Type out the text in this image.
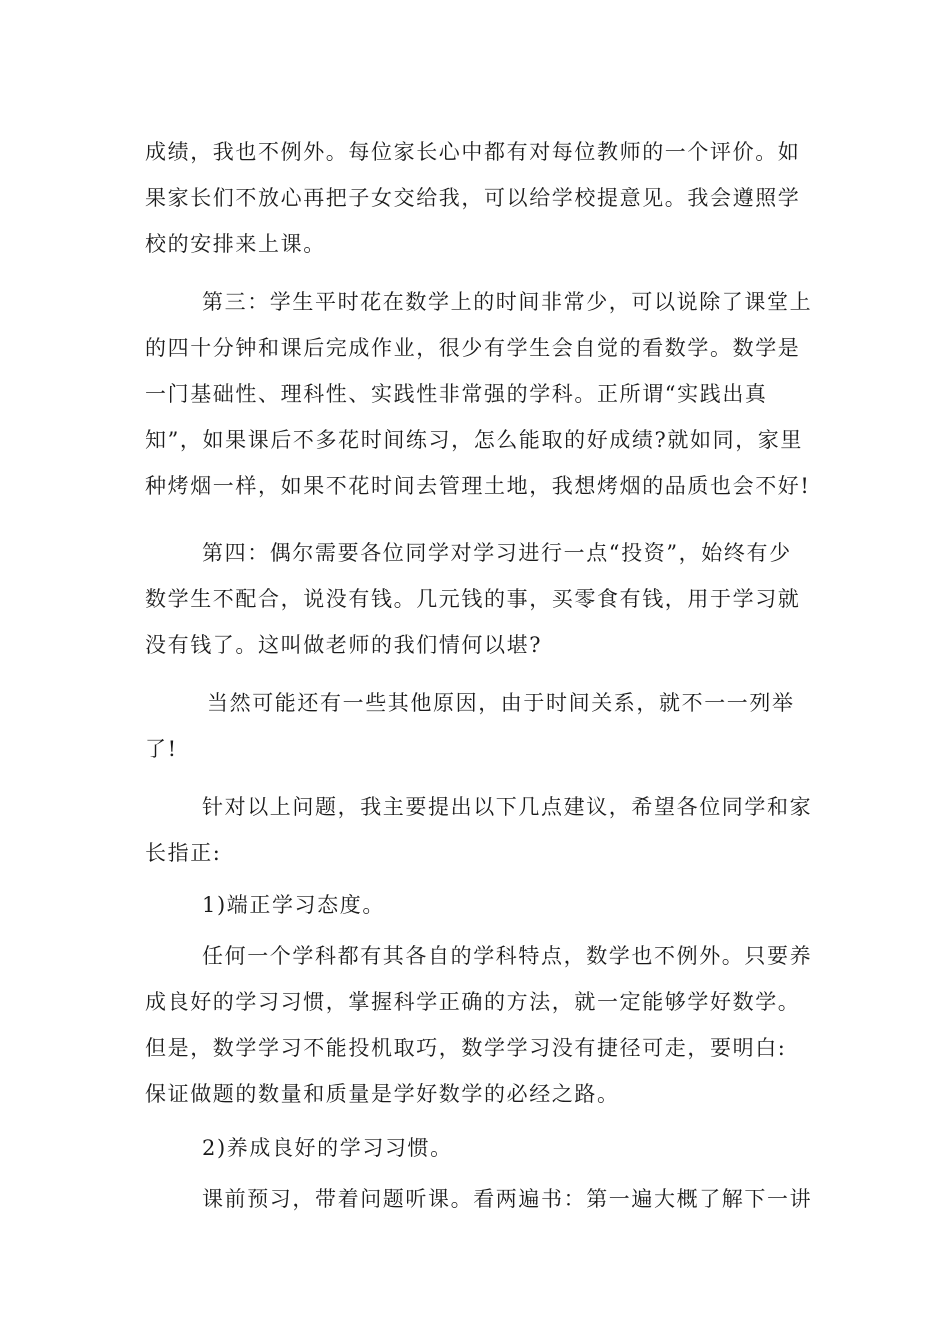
成绩，我也不例外。每位家长心中都有对每位教师的一个评价。如
果家长们不放心再把子女交给我，可以给学校提意见。我会遵照学
校的安排来上课。
第三：学生平时花在数学上的时间非常少，可以说除了课堂上
的四十分钟和课后完成作业，很少有学生会自觉的看数学。数学是
一门基础性、理科性、实践性非常强的学科。正所谓“实践出真
知”，如果课后不多花时间练习，怎么能取的好成绩?就如同，家里
种烤烟一样，如果不花时间去管理土地，我想烤烟的品质也会不好!
第四：偶尔需要各位同学对学习进行一点“投资”，始终有少
数学生不配合，说没有钱。几元钱的事，买零食有钱，用于学习就
没有钱了。这叫做老师的我们情何以堪?
当然可能还有一些其他原因，由于时间关系，就不一一列举
了!
针对以上问题，我主要提出以下几点建议，希望各位同学和家
长指正:
1)端正学习态度。
任何一个学科都有其各自的学科特点，数学也不例外。只要养
成良好的学习习惯，掌握科学正确的方法，就一定能够学好数学。
但是，数学学习不能投机取巧，数学学习没有捷径可走，要明白:
保证做题的数量和质量是学好数学的必经之路。
2)养成良好的学习习惯。
课前预习，带着问题听课。看两遍书：第一遍大概了解下一讲
